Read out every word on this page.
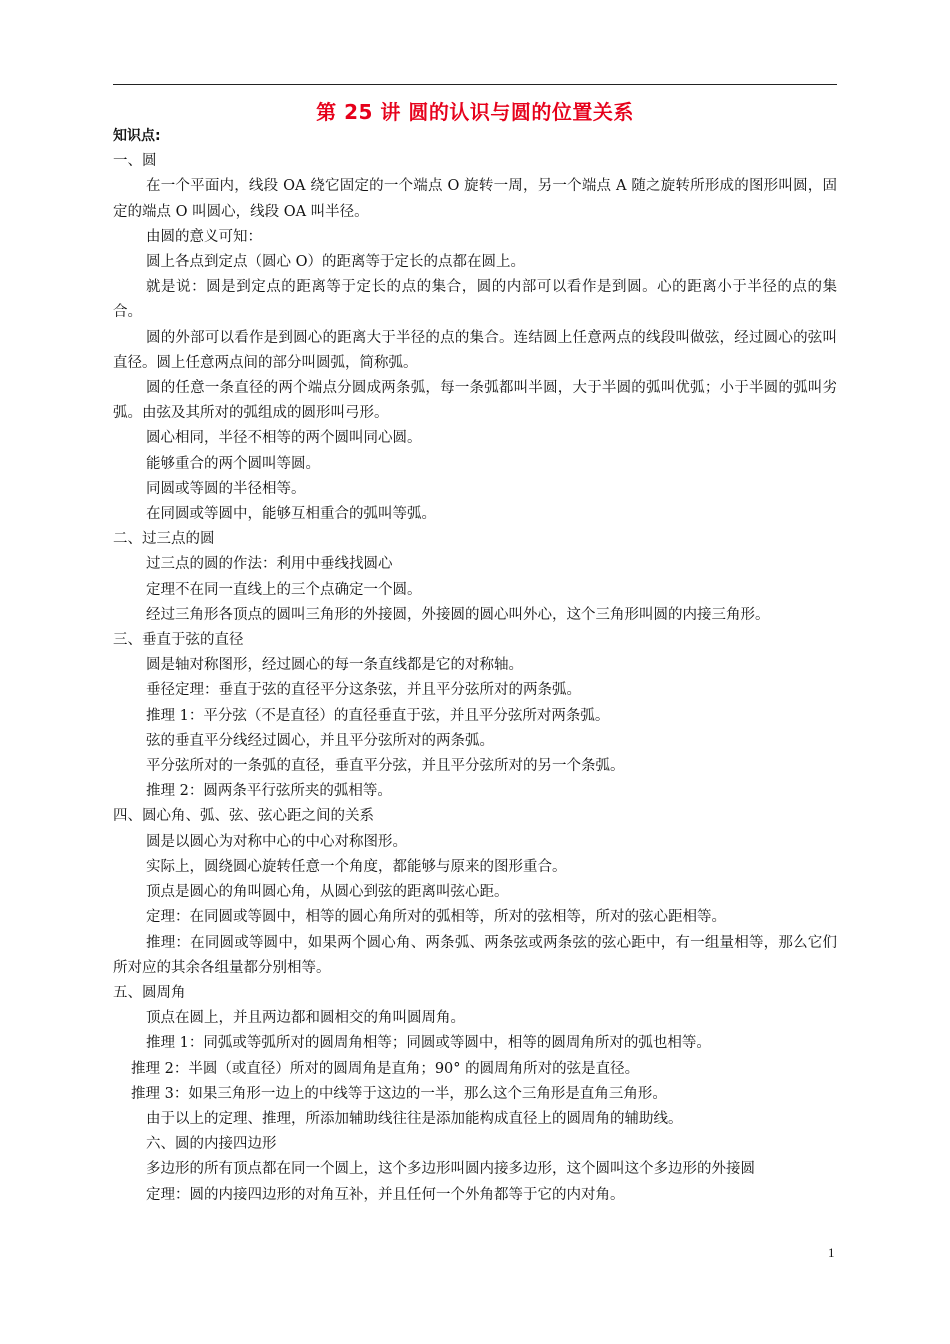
第 25 讲 圆的认识与圆的位置关系

知识点:

一、圆

在一个平面内，线段 OA 绕它固定的一个端点 O 旋转一周，另一个端点 A 随之旋转所形成的图形叫圆，固定的端点 O 叫圆心，线段 OA 叫半径。

由圆的意义可知：

圆上各点到定点（圆心 O）的距离等于定长的点都在圆上。

就是说：圆是到定点的距离等于定长的点的集合，圆的内部可以看作是到圆。心的距离小于半径的点的集合。

圆的外部可以看作是到圆心的距离大于半径的点的集合。连结圆上任意两点的线段叫做弦，经过圆心的弦叫直径。圆上任意两点间的部分叫圆弧，简称弧。

圆的任意一条直径的两个端点分圆成两条弧，每一条弧都叫半圆，大于半圆的弧叫优弧；小于半圆的弧叫劣弧。由弦及其所对的弧组成的圆形叫弓形。

圆心相同，半径不相等的两个圆叫同心圆。

能够重合的两个圆叫等圆。

同圆或等圆的半径相等。

在同圆或等圆中，能够互相重合的弧叫等弧。

二、过三点的圆

过三点的圆的作法：利用中垂线找圆心

定理不在同一直线上的三个点确定一个圆。

经过三角形各顶点的圆叫三角形的外接圆，外接圆的圆心叫外心，这个三角形叫圆的内接三角形。

三、垂直于弦的直径

圆是轴对称图形，经过圆心的每一条直线都是它的对称轴。

垂径定理：垂直于弦的直径平分这条弦，并且平分弦所对的两条弧。

推理 1：平分弦（不是直径）的直径垂直于弦，并且平分弦所对两条弧。

弦的垂直平分线经过圆心，并且平分弦所对的两条弧。

平分弦所对的一条弧的直径，垂直平分弦，并且平分弦所对的另一个条弧。

推理 2：圆两条平行弦所夹的弧相等。

四、圆心角、弧、弦、弦心距之间的关系

圆是以圆心为对称中心的中心对称图形。

实际上，圆绕圆心旋转任意一个角度，都能够与原来的图形重合。

顶点是圆心的角叫圆心角，从圆心到弦的距离叫弦心距。

定理：在同圆或等圆中，相等的圆心角所对的弧相等，所对的弦相等，所对的弦心距相等。

推理：在同圆或等圆中，如果两个圆心角、两条弧、两条弦或两条弦的弦心距中，有一组量相等，那么它们所对应的其余各组量都分别相等。

五、圆周角

顶点在圆上，并且两边都和圆相交的角叫圆周角。

推理 1：同弧或等弧所对的圆周角相等；同圆或等圆中，相等的圆周角所对的弧也相等。

推理 2：半圆（或直径）所对的圆周角是直角；90° 的圆周角所对的弦是直径。

推理 3：如果三角形一边上的中线等于这边的一半，那么这个三角形是直角三角形。

由于以上的定理、推理，所添加辅助线往往是添加能构成直径上的圆周角的辅助线。

六、圆的内接四边形

多边形的所有顶点都在同一个圆上，这个多边形叫圆内接多边形，这个圆叫这个多边形的外接圆

定理：圆的内接四边形的对角互补，并且任何一个外角都等于它的内对角。

1
